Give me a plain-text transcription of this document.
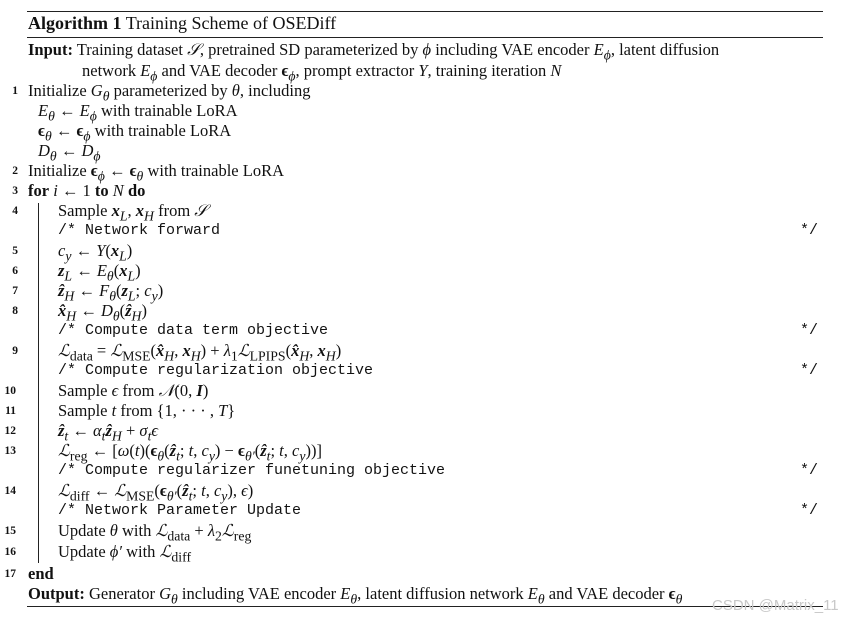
Algorithm 1 Training Scheme of OSEDiff
Input: Training dataset 𝒮, pretrained SD parameterized by ϕ including VAE encoder $E_\phi$, latent diffusion
network $E_\phi$ and VAE decoder $\epsilon_\phi$, prompt extractor Y, training iteration N
1 Initialize $G_\theta$ parameterized by θ, including
$E_\theta$ ← $E_\phi$ with trainable LoRA
$\epsilon_\theta$ ← $\epsilon_\phi$ with trainable LoRA
$D_\theta$ ← $D_\phi$
2 Initialize $\epsilon_\phi$ ← $\epsilon_\theta$ with trainable LoRA
3 for i ← 1 to N do
4 Sample $x_L$, $x_H$ from 𝒮
/* Network forward	*/
5 $c_y$ ← $Y(x_L)$
6 $z_L$ ← $E_\theta(x_L)$
7 ẑ$_H$ ← $F_\theta(z_L$; $c_y$)
8 $x̂_H$ ← $D_\theta(ẑ_H)$
/* Compute data term objective	*/
9 ℒ$_{data}$ = $ℒ_{MSE}(x̂_H$, $x_H$) + $\lambda_1ℒ_{LPIPS}(x̂_H$, $x_H$)
/* Compute regularization objective	*/
10	Sample ϵ from 𝒩(0, I)
11	Sample t from {1, · · · , T}
12	ẑ$_t$ ← $\alpha_tẑ_H + \sigma_t\epsilon$
13	ℒ$_{reg}$ ← [$\omega(t)(\epsilon_\theta(ẑ_t$; t, $c_y$) − $\epsilon_{\theta'}(ẑ_t$; t, $c_y$))]
/* Compute regularizer funetuning objective	*/
14	ℒ$_{diff}$ ← $ℒ_{MSE}(\epsilon_{\theta'}(ẑ_t$; t, $c_y$), ϵ)
/* Network Parameter Update	*/
15	Update θ with ℒ$_{data}$ + $\lambda_2ℒ_{reg}$
16	Update ϕ′ with ℒ$_{diff}$
17 end
Output: Generator $G_\theta$ including VAE encoder $E_\theta$, latent diffusion network $E_\theta$ and VAE decoder $\epsilon_\theta$ CSDN @Matrix_11
